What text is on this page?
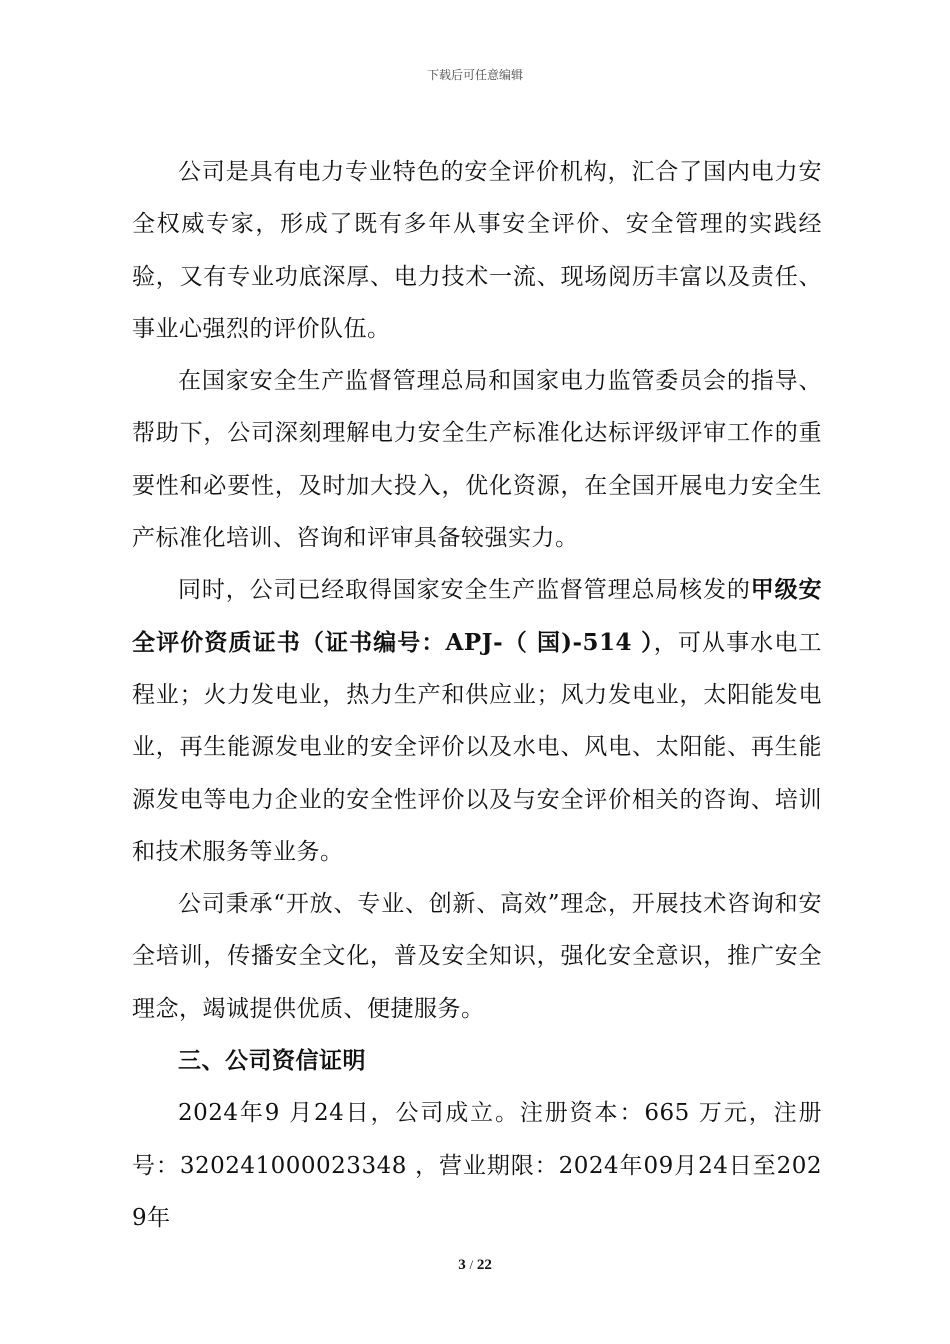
下载后可任意编辑

公司是具有电力专业特色的安全评价机构，汇合了国内电力安全权威专家，形成了既有多年从事安全评价、安全管理的实践经验，又有专业功底深厚、电力技术一流、现场阅历丰富以及责任、事业心强烈的评价队伍。

在国家安全生产监督管理总局和国家电力监管委员会的指导、帮助下，公司深刻理解电力安全生产标准化达标评级评审工作的重要性和必要性，及时加大投入，优化资源，在全国开展电力安全生产标准化培训、咨询和评审具备较强实力。

同时，公司已经取得国家安全生产监督管理总局核发的甲级安全评价资质证书（证书编号：APJ-（ 国)-514 ），可从事水电工程业；火力发电业，热力生产和供应业；风力发电业，太阳能发电业，再生能源发电业的安全评价以及水电、风电、太阳能、再生能源发电等电力企业的安全性评价以及与安全评价相关的咨询、培训和技术服务等业务。

公司秉承“开放、专业、创新、高效”理念，开展技术咨询和安全培训，传播安全文化，普及安全知识，强化安全意识，推广安全理念，竭诚提供优质、便捷服务。

三、公司资信证明

2024年9 月24日，公司成立。注册资本：665 万元，注册号：320241000023348 ，营业期限：2024年09月24日至2029年

3 / 22
